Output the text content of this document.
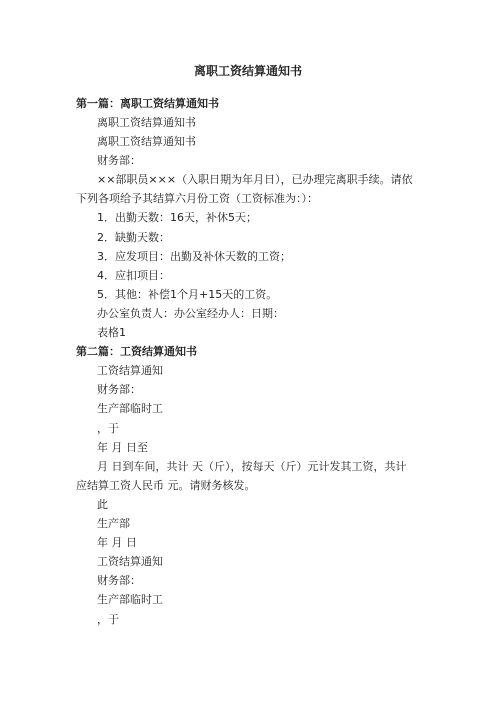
离职工资结算通知书
第一篇：离职工资结算通知书
离职工资结算通知书
离职工资结算通知书
财务部：
××部职员×××（入职日期为年月日），已办理完离职手续。请依
下列各项给予其结算六月份工资（工资标准为：）：
1．出勤天数：16天，补休5天；
2．缺勤天数：
3．应发项目：出勤及补休天数的工资；
4．应扣项目：
5．其他：补偿1个月+15天的工资。
办公室负责人：办公室经办人：日期：
表格1
第二篇：工资结算通知书
工资结算通知
财务部：
生产部临时工
，于
年 月 日至
月 日到车间，共计 天（斤），按每天（斤）元计发其工资，共计
应结算工资人民币 元。请财务核发。
此
生产部
年 月 日
工资结算通知
财务部：
生产部临时工
，于
